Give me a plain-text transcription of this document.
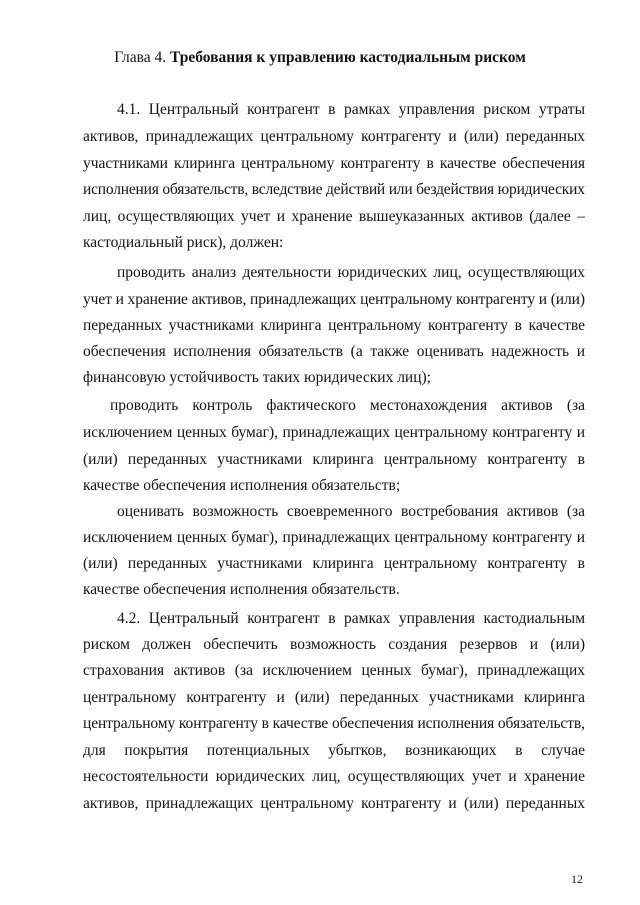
Глава 4. Требования к управлению кастодиальным риском
4.1. Центральный контрагент в рамках управления риском утраты
активов, принадлежащих центральному контрагенту и (или) переданных
участниками клиринга центральному контрагенту в качестве обеспечения
исполнения обязательств, вследствие действий или бездействия юридических
лиц, осуществляющих учет и хранение вышеуказанных активов (далее –
кастодиальный риск), должен:
проводить анализ деятельности юридических лиц, осуществляющих
учет и хранение активов, принадлежащих центральному контрагенту и (или)
переданных участниками клиринга центральному контрагенту в качестве
обеспечения исполнения обязательств (а также оценивать надежность и
финансовую устойчивость таких юридических лиц);
проводить контроль фактического местонахождения активов (за
исключением ценных бумаг), принадлежащих центральному контрагенту и
(или) переданных участниками клиринга центральному контрагенту в
качестве обеспечения исполнения обязательств;
оценивать возможность своевременного востребования активов (за
исключением ценных бумаг), принадлежащих центральному контрагенту и
(или) переданных участниками клиринга центральному контрагенту в
качестве обеспечения исполнения обязательств.
4.2. Центральный контрагент в рамках управления кастодиальным
риском должен обеспечить возможность создания резервов и (или)
страхования активов (за исключением ценных бумаг), принадлежащих
центральному контрагенту и (или) переданных участниками клиринга
центральному контрагенту в качестве обеспечения исполнения обязательств,
для покрытия потенциальных убытков, возникающих в случае
несостоятельности юридических лиц, осуществляющих учет и хранение
активов, принадлежащих центральному контрагенту и (или) переданных
12
